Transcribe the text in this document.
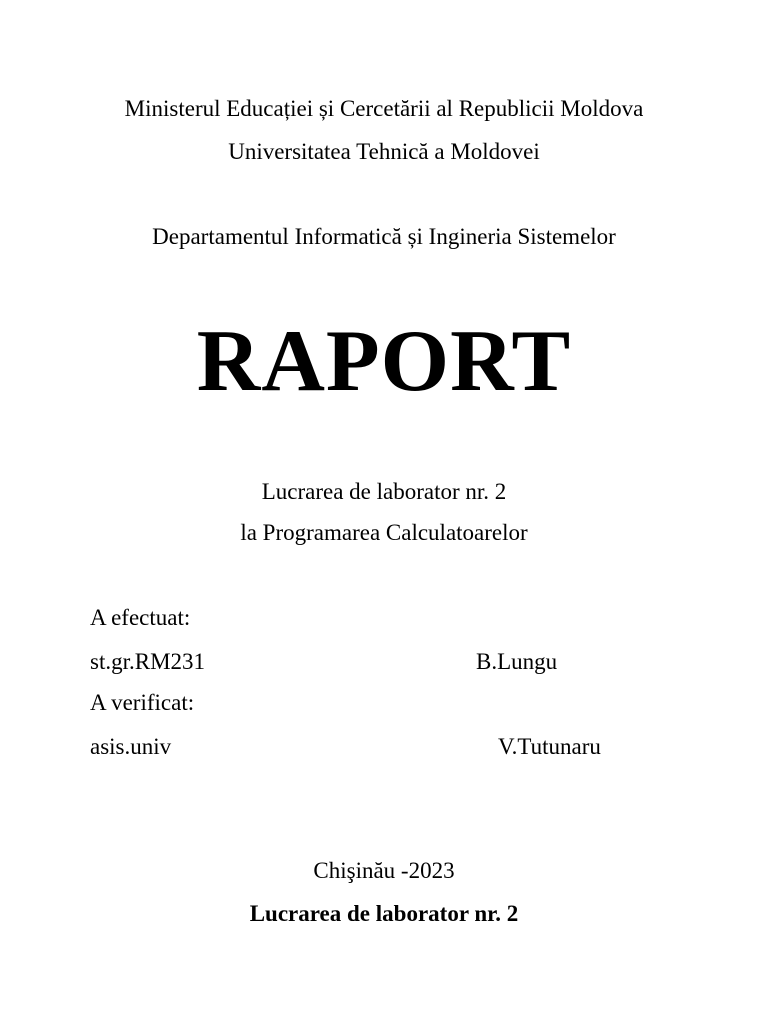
Ministerul Educației și Cercetării al Republicii Moldova
Universitatea Tehnică a Moldovei
Departamentul Informatică și Ingineria Sistemelor
RAPORT
Lucrarea de laborator nr. 2
la Programarea Calculatoarelor
A efectuat:
st.gr.RM231	B.Lungu
A verificat:
asis.univ	V.Tutunaru
Chişinău -2023
Lucrarea de laborator nr. 2
